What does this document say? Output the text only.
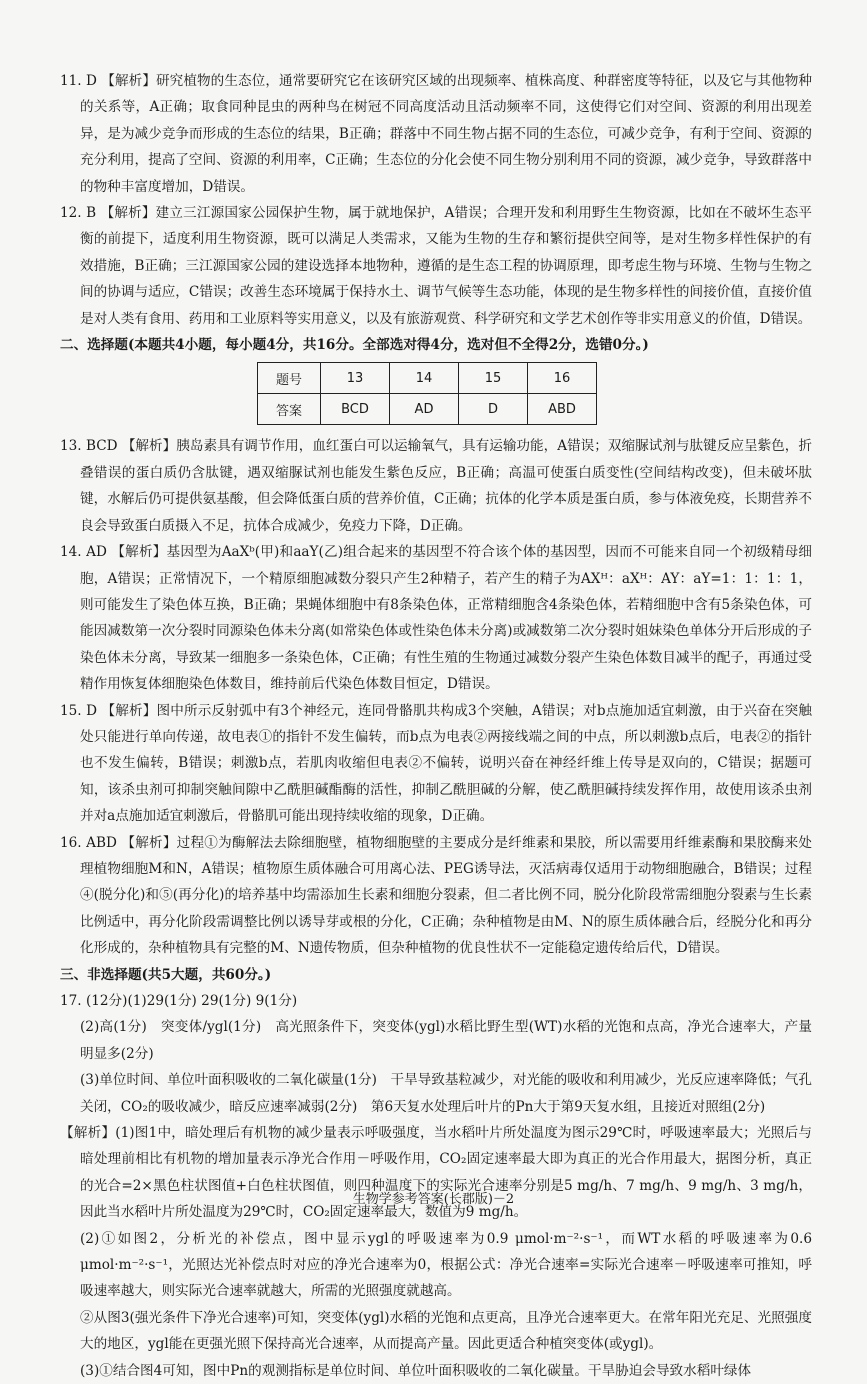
11. D 【解析】研究植物的生态位，通常要研究它在该研究区域的出现频率、植株高度、种群密度等特征，以及它与其他物种的关系等，A正确；取食同种昆虫的两种鸟在树冠不同高度活动且活动频率不同，这使得它们对空间、资源的利用出现差异，是为减少竞争而形成的生态位的结果，B正确；群落中不同生物占据不同的生态位，可减少竞争，有利于空间、资源的充分利用，提高了空间、资源的利用率，C正确；生态位的分化会使不同生物分别利用不同的资源，减少竞争，导致群落中的物种丰富度增加，D错误。

12. B 【解析】建立三江源国家公园保护生物，属于就地保护，A错误；合理开发和利用野生生物资源，比如在不破坏生态平衡的前提下，适度利用生物资源，既可以满足人类需求，又能为生物的生存和繁衍提供空间等，是对生物多样性保护的有效措施，B正确；三江源国家公园的建设选择本地物种，遵循的是生态工程的协调原理，即考虑生物与环境、生物与生物之间的协调与适应，C错误；改善生态环境属于保持水土、调节气候等生态功能，体现的是生物多样性的间接价值，直接价值是对人类有食用、药用和工业原料等实用意义，以及有旅游观赏、科学研究和文学艺术创作等非实用意义的价值，D错误。

二、选择题(本题共4小题，每小题4分，共16分。全部选对得4分，选对但不全得2分，选错0分。)

题号	13	14	15	16
答案	BCD	AD	D	ABD

13. BCD 【解析】胰岛素具有调节作用，血红蛋白可以运输氧气，具有运输功能，A错误；双缩脲试剂与肽键反应呈紫色，折叠错误的蛋白质仍含肽键，遇双缩脲试剂也能发生紫色反应，B正确；高温可使蛋白质变性(空间结构改变)，但未破坏肽键，水解后仍可提供氨基酸，但会降低蛋白质的营养价值，C正确；抗体的化学本质是蛋白质，参与体液免疫，长期营养不良会导致蛋白质摄入不足，抗体合成减少，免疫力下降，D正确。

14. AD 【解析】基因型为AaXᵇ(甲)和aaY(乙)组合起来的基因型不符合该个体的基因型，因而不可能来自同一个初级精母细胞，A错误；正常情况下，一个精原细胞减数分裂只产生2种精子，若产生的精子为AXᴴ：aXᴴ：AY：aY=1：1：1：1，则可能发生了染色体互换，B正确；果蝇体细胞中有8条染色体，正常精细胞含4条染色体，若精细胞中含有5条染色体，可能因减数第一次分裂时同源染色体未分离(如常染色体或性染色体未分离)或减数第二次分裂时姐妹染色单体分开后形成的子染色体未分离，导致某一细胞多一条染色体，C正确；有性生殖的生物通过减数分裂产生染色体数目减半的配子，再通过受精作用恢复体细胞染色体数目，维持前后代染色体数目恒定，D错误。

15. D 【解析】图中所示反射弧中有3个神经元，连同骨骼肌共构成3个突触，A错误；对b点施加适宜刺激，由于兴奋在突触处只能进行单向传递，故电表①的指针不发生偏转，而b点为电表②两接线端之间的中点，所以刺激b点后，电表②的指针也不发生偏转，B错误；刺激b点，若肌肉收缩但电表②不偏转，说明兴奋在神经纤维上传导是双向的，C错误；据题可知，该杀虫剂可抑制突触间隙中乙酰胆碱酯酶的活性，抑制乙酰胆碱的分解，使乙酰胆碱持续发挥作用，故使用该杀虫剂并对a点施加适宜刺激后，骨骼肌可能出现持续收缩的现象，D正确。

16. ABD 【解析】过程①为酶解法去除细胞壁，植物细胞壁的主要成分是纤维素和果胶，所以需要用纤维素酶和果胶酶来处理植物细胞M和N，A错误；植物原生质体融合可用离心法、PEG诱导法，灭活病毒仅适用于动物细胞融合，B错误；过程④(脱分化)和⑤(再分化)的培养基中均需添加生长素和细胞分裂素，但二者比例不同，脱分化阶段常需细胞分裂素与生长素比例适中，再分化阶段需调整比例以诱导芽或根的分化，C正确；杂种植物是由M、N的原生质体融合后，经脱分化和再分化形成的，杂种植物具有完整的M、N遗传物质，但杂种植物的优良性状不一定能稳定遗传给后代，D错误。

三、非选择题(共5大题，共60分。)

17. (12分)(1)29(1分) 29(1分) 9(1分)

(2)高(1分)　突变体/ygl(1分)　高光照条件下，突变体(ygl)水稻比野生型(WT)水稻的光饱和点高，净光合速率大，产量明显多(2分)

(3)单位时间、单位叶面积吸收的二氧化碳量(1分)　干旱导致基粒减少，对光能的吸收和利用减少，光反应速率降低；气孔关闭，CO₂的吸收减少，暗反应速率减弱(2分)　第6天复水处理后叶片的Pn大于第9天复水组，且接近对照组(2分)

【解析】(1)图1中，暗处理后有机物的减少量表示呼吸强度，当水稻叶片所处温度为图示29℃时，呼吸速率最大；光照后与暗处理前相比有机物的增加量表示净光合作用－呼吸作用，CO₂固定速率最大即为真正的光合作用最大，据图分析，真正的光合=2×黑色柱状图值+白色柱状图值，则四种温度下的实际光合速率分别是5 mg/h、7 mg/h、9 mg/h、3 mg/h，因此当水稻叶片所处温度为29℃时，CO₂固定速率最大，数值为9 mg/h。

(2)①如图2，分析光的补偿点，图中显示ygl的呼吸速率为0.9 μmol·m⁻²·s⁻¹，而WT水稻的呼吸速率为0.6 μmol·m⁻²·s⁻¹，光照达光补偿点时对应的净光合速率为0，根据公式：净光合速率=实际光合速率－呼吸速率可推知，呼吸速率越大，则实际光合速率就越大，所需的光照强度就越高。

②从图3(强光条件下净光合速率)可知，突变体(ygl)水稻的光饱和点更高，且净光合速率更大。在常年阳光充足、光照强度大的地区，ygl能在更强光照下保持高光合速率，从而提高产量。因此更适合种植突变体(或ygl)。

(3)①结合图4可知，图中Pn的观测指标是单位时间、单位叶面积吸收的二氧化碳量。干旱胁迫会导致水稻叶绿体

生物学参考答案(长郡版)－2
